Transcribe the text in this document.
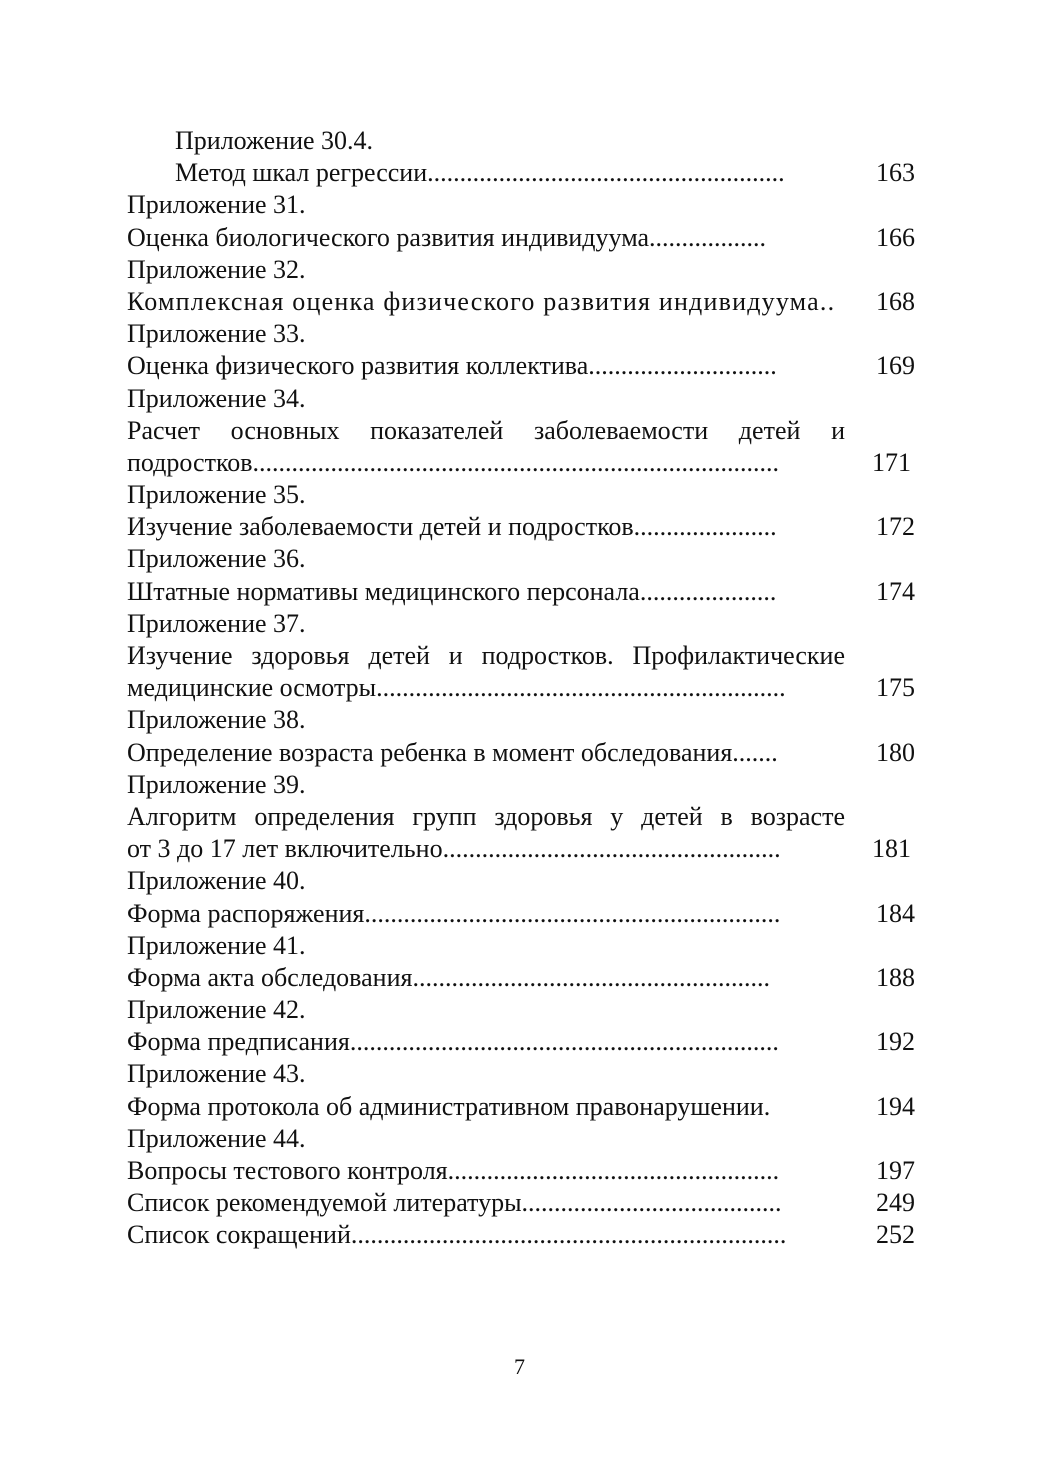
Приложение 30.4.
Метод шкал регрессии.......................................................	163
Приложение 31.
Оценка биологического развития индивидуума..................	166
Приложение 32.
Комплексная оценка физического развития индивидуума.. 168
Приложение 33.
Оценка физического развития коллектива.............................	169
Приложение 34.
Расчет основных показателей заболеваемости детей и
подростков.................................................................................	171
Приложение 35.
Изучение заболеваемости детей и подростков......................	172
Приложение 36.
Штатные нормативы медицинского персонала.....................	174
Приложение 37.
Изучение здоровья детей и подростков. Профилактические
медицинские осмотры...............................................................	175
Приложение 38.
Определение возраста ребенка в момент обследования.......	180
Приложение 39.
Алгоритм определения групп здоровья у детей в возрасте
от 3 до 17 лет включительно....................................................	181
Приложение 40.
Форма распоряжения................................................................	184
Приложение 41.
Форма акта обследования.......................................................	188
Приложение 42.
Форма предписания..................................................................	192
Приложение 43.
Форма протокола об административном правонарушении.	194
Приложение 44.
Вопросы тестового контроля...................................................	197
Список рекомендуемой литературы........................................	249
Список сокращений...................................................................	252
7
